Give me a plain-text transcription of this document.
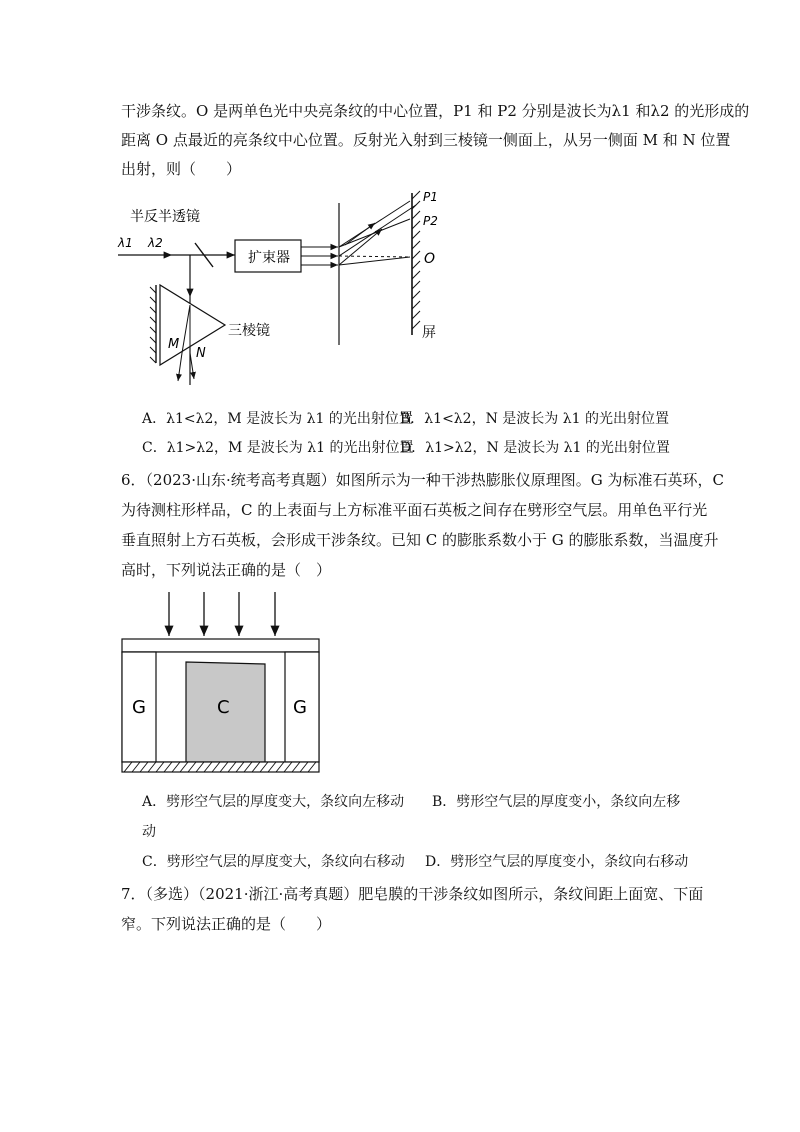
干涉条纹。O 是两单色光中央亮条纹的中心位置，P1 和 P2 分别是波长为λ1 和λ2 的光形成的
距离 O 点最近的亮条纹中心位置。反射光入射到三棱镜一侧面上，从另一侧面 M 和 N 位置
出射，则（　　）
半反半透镜
扩束器
三棱镜	屏
λ1 λ2
P1
P2
O
M
N
A．λ1<λ2，M 是波长为 λ1 的光出射位置
B．λ1<λ2，N 是波长为 λ1 的光出射位置
C．λ1>λ2，M 是波长为 λ1 的光出射位置
D．λ1>λ2，N 是波长为 λ1 的光出射位置
6．（2023·山东·统考高考真题）如图所示为一种干涉热膨胀仪原理图。G 为标准石英环，C
为待测柱形样品，C 的上表面与上方标准平面石英板之间存在劈形空气层。用单色平行光
垂直照射上方石英板，会形成干涉条纹。已知 C 的膨胀系数小于 G 的膨胀系数，当温度升
高时，下列说法正确的是（　）
G	C	G
A．劈形空气层的厚度变大，条纹向左移动 B．劈形空气层的厚度变小，条纹向左移
动
C．劈形空气层的厚度变大，条纹向右移动 D．劈形空气层的厚度变小，条纹向右移动
7．（多选）（2021·浙江·高考真题）肥皂膜的干涉条纹如图所示，条纹间距上面宽、下面
窄。下列说法正确的是（　　）
